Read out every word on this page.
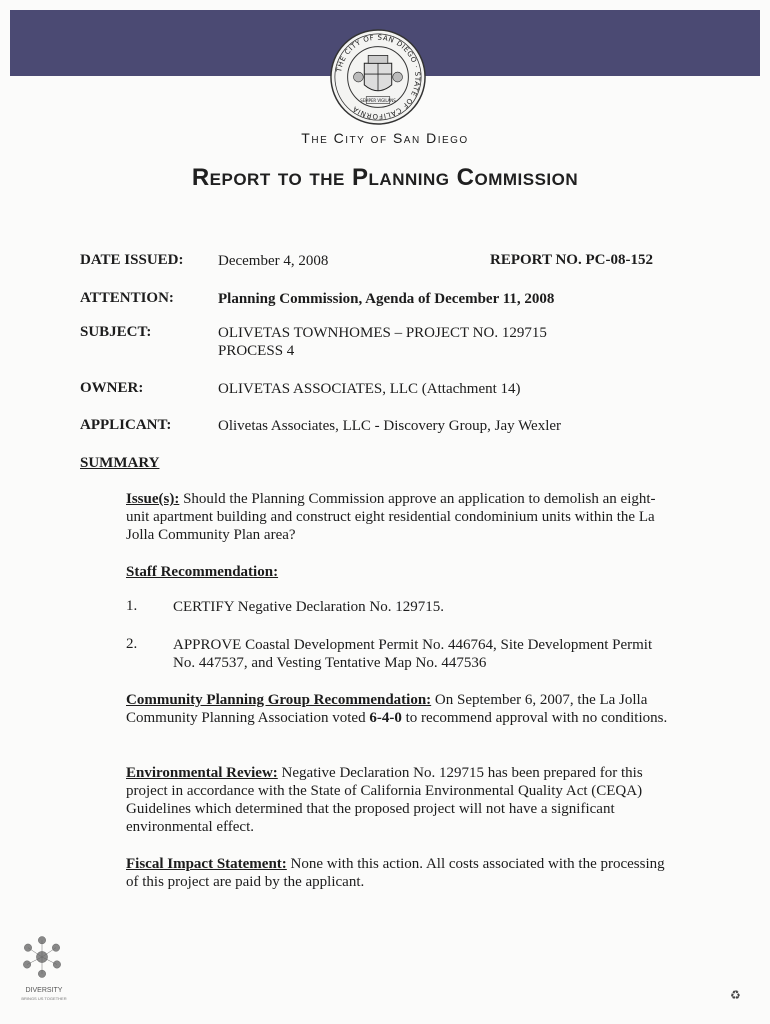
THE CITY OF SAN DIEGO · STATE OF CALIFORNIA
SEMPER VIGILANS
The City of San Diego
Report to the Planning Commission
DATE ISSUED: December 4, 2008	REPORT NO. PC-08-152
ATTENTION:	Planning Commission, Agenda of December 11, 2008
SUBJECT:	OLIVETAS TOWNHOMES – PROJECT NO. 129715
PROCESS 4
OWNER:	OLIVETAS ASSOCIATES, LLC (Attachment 14)
APPLICANT:	Olivetas Associates, LLC - Discovery Group, Jay Wexler
SUMMARY
Issue(s): Should the Planning Commission approve an application to demolish an eight-unit apartment building and construct eight residential condominium units within the La Jolla Community Plan area?
Staff Recommendation:
1. CERTIFY Negative Declaration No. 129715.
2. APPROVE Coastal Development Permit No. 446764, Site Development Permit No. 447537, and Vesting Tentative Map No. 447536
Community Planning Group Recommendation: On September 6, 2007, the La Jolla Community Planning Association voted 6-4-0 to recommend approval with no conditions.
Environmental Review: Negative Declaration No. 129715 has been prepared for this project in accordance with the State of California Environmental Quality Act (CEQA) Guidelines which determined that the proposed project will not have a significant environmental effect.
Fiscal Impact Statement: None with this action. All costs associated with the processing of this project are paid by the applicant.
DIVERSITY
BRINGS US TOGETHER	♻
